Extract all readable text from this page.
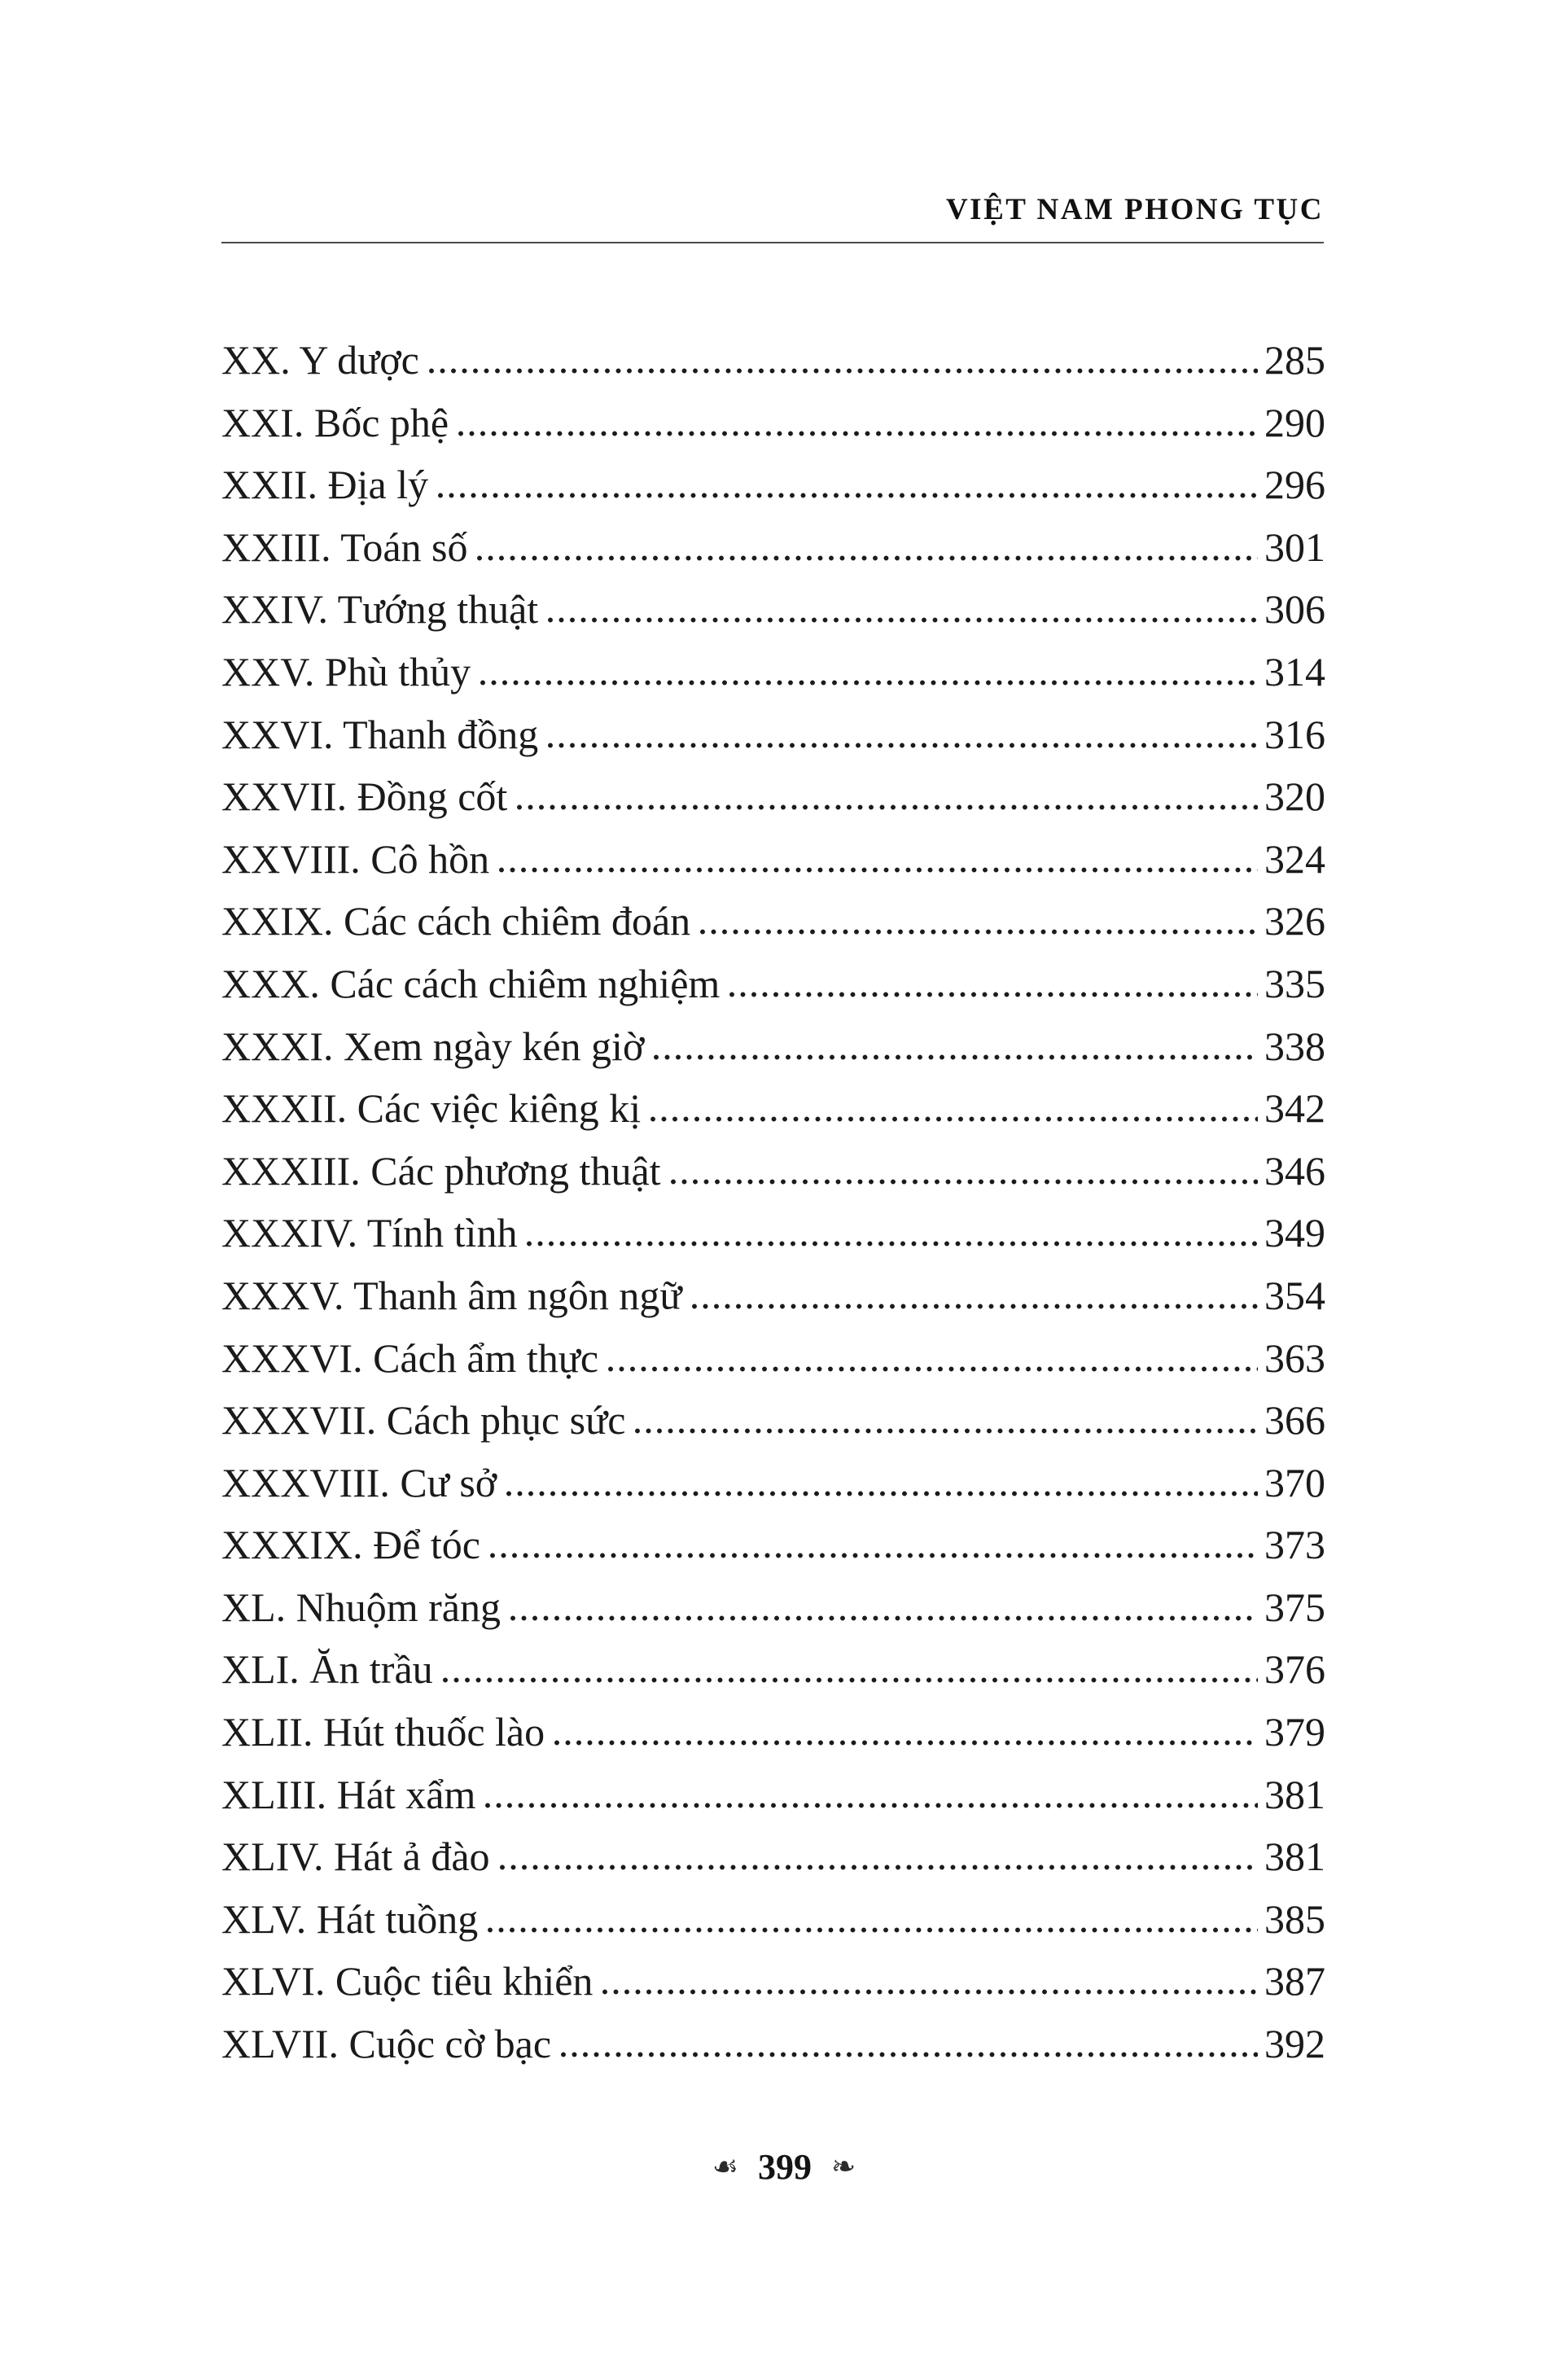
VIỆT NAM PHONG TỤC
XX. Y dược	285
XXI. Bốc phệ	290
XXII. Địa lý	296
XXIII. Toán số	301
XXIV. Tướng thuật	306
XXV. Phù thủy	314
XXVI. Thanh đồng	316
XXVII. Đồng cốt	320
XXVIII. Cô hồn	324
XXIX. Các cách chiêm đoán	326
XXX. Các cách chiêm nghiệm	335
XXXI. Xem ngày kén giờ	338
XXXII. Các việc kiêng kị	342
XXXIII. Các phương thuật	346
XXXIV. Tính tình	349
XXXV. Thanh âm ngôn ngữ	354
XXXVI. Cách ẩm thực	363
XXXVII. Cách phục sức	366
XXXVIII. Cư sở	370
XXXIX. Để tóc	373
XL. Nhuộm răng	375
XLI. Ăn trầu	376
XLII. Hút thuốc lào	379
XLIII. Hát xẩm	381
XLIV. Hát ả đào	381
XLV. Hát tuồng	385
XLVI. Cuộc tiêu khiển	387
XLVII. Cuộc cờ bạc	392
☙ 399 ❧
